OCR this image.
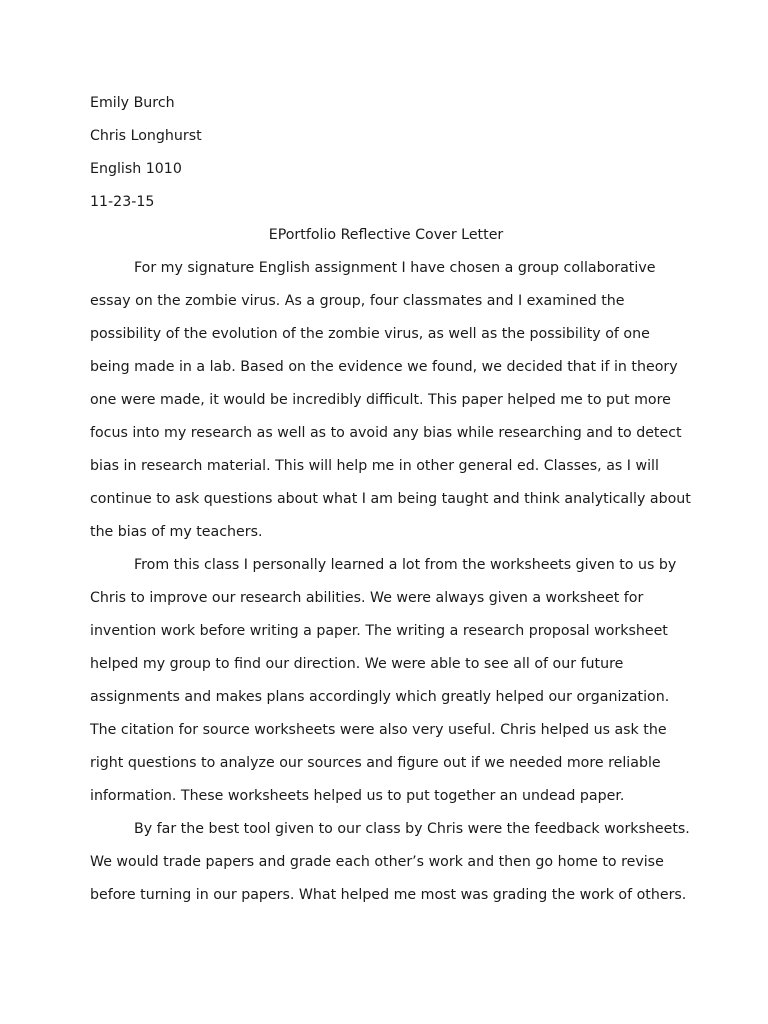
Emily Burch
Chris Longhurst
English 1010
11-23-15
EPortfolio Reflective Cover Letter
For my signature English assignment I have chosen a group collaborative
essay on the zombie virus. As a group, four classmates and I examined the
possibility of the evolution of the zombie virus, as well as the possibility of one
being made in a lab. Based on the evidence we found, we decided that if in theory
one were made, it would be incredibly difficult. This paper helped me to put more
focus into my research as well as to avoid any bias while researching and to detect
bias in research material. This will help me in other general ed. Classes, as I will
continue to ask questions about what I am being taught and think analytically about
the bias of my teachers.
From this class I personally learned a lot from the worksheets given to us by
Chris to improve our research abilities. We were always given a worksheet for
invention work before writing a paper. The writing a research proposal worksheet
helped my group to find our direction. We were able to see all of our future
assignments and makes plans accordingly which greatly helped our organization.
The citation for source worksheets were also very useful. Chris helped us ask the
right questions to analyze our sources and figure out if we needed more reliable
information. These worksheets helped us to put together an undead paper.
By far the best tool given to our class by Chris were the feedback worksheets.
We would trade papers and grade each other’s work and then go home to revise
before turning in our papers. What helped me most was grading the work of others.
